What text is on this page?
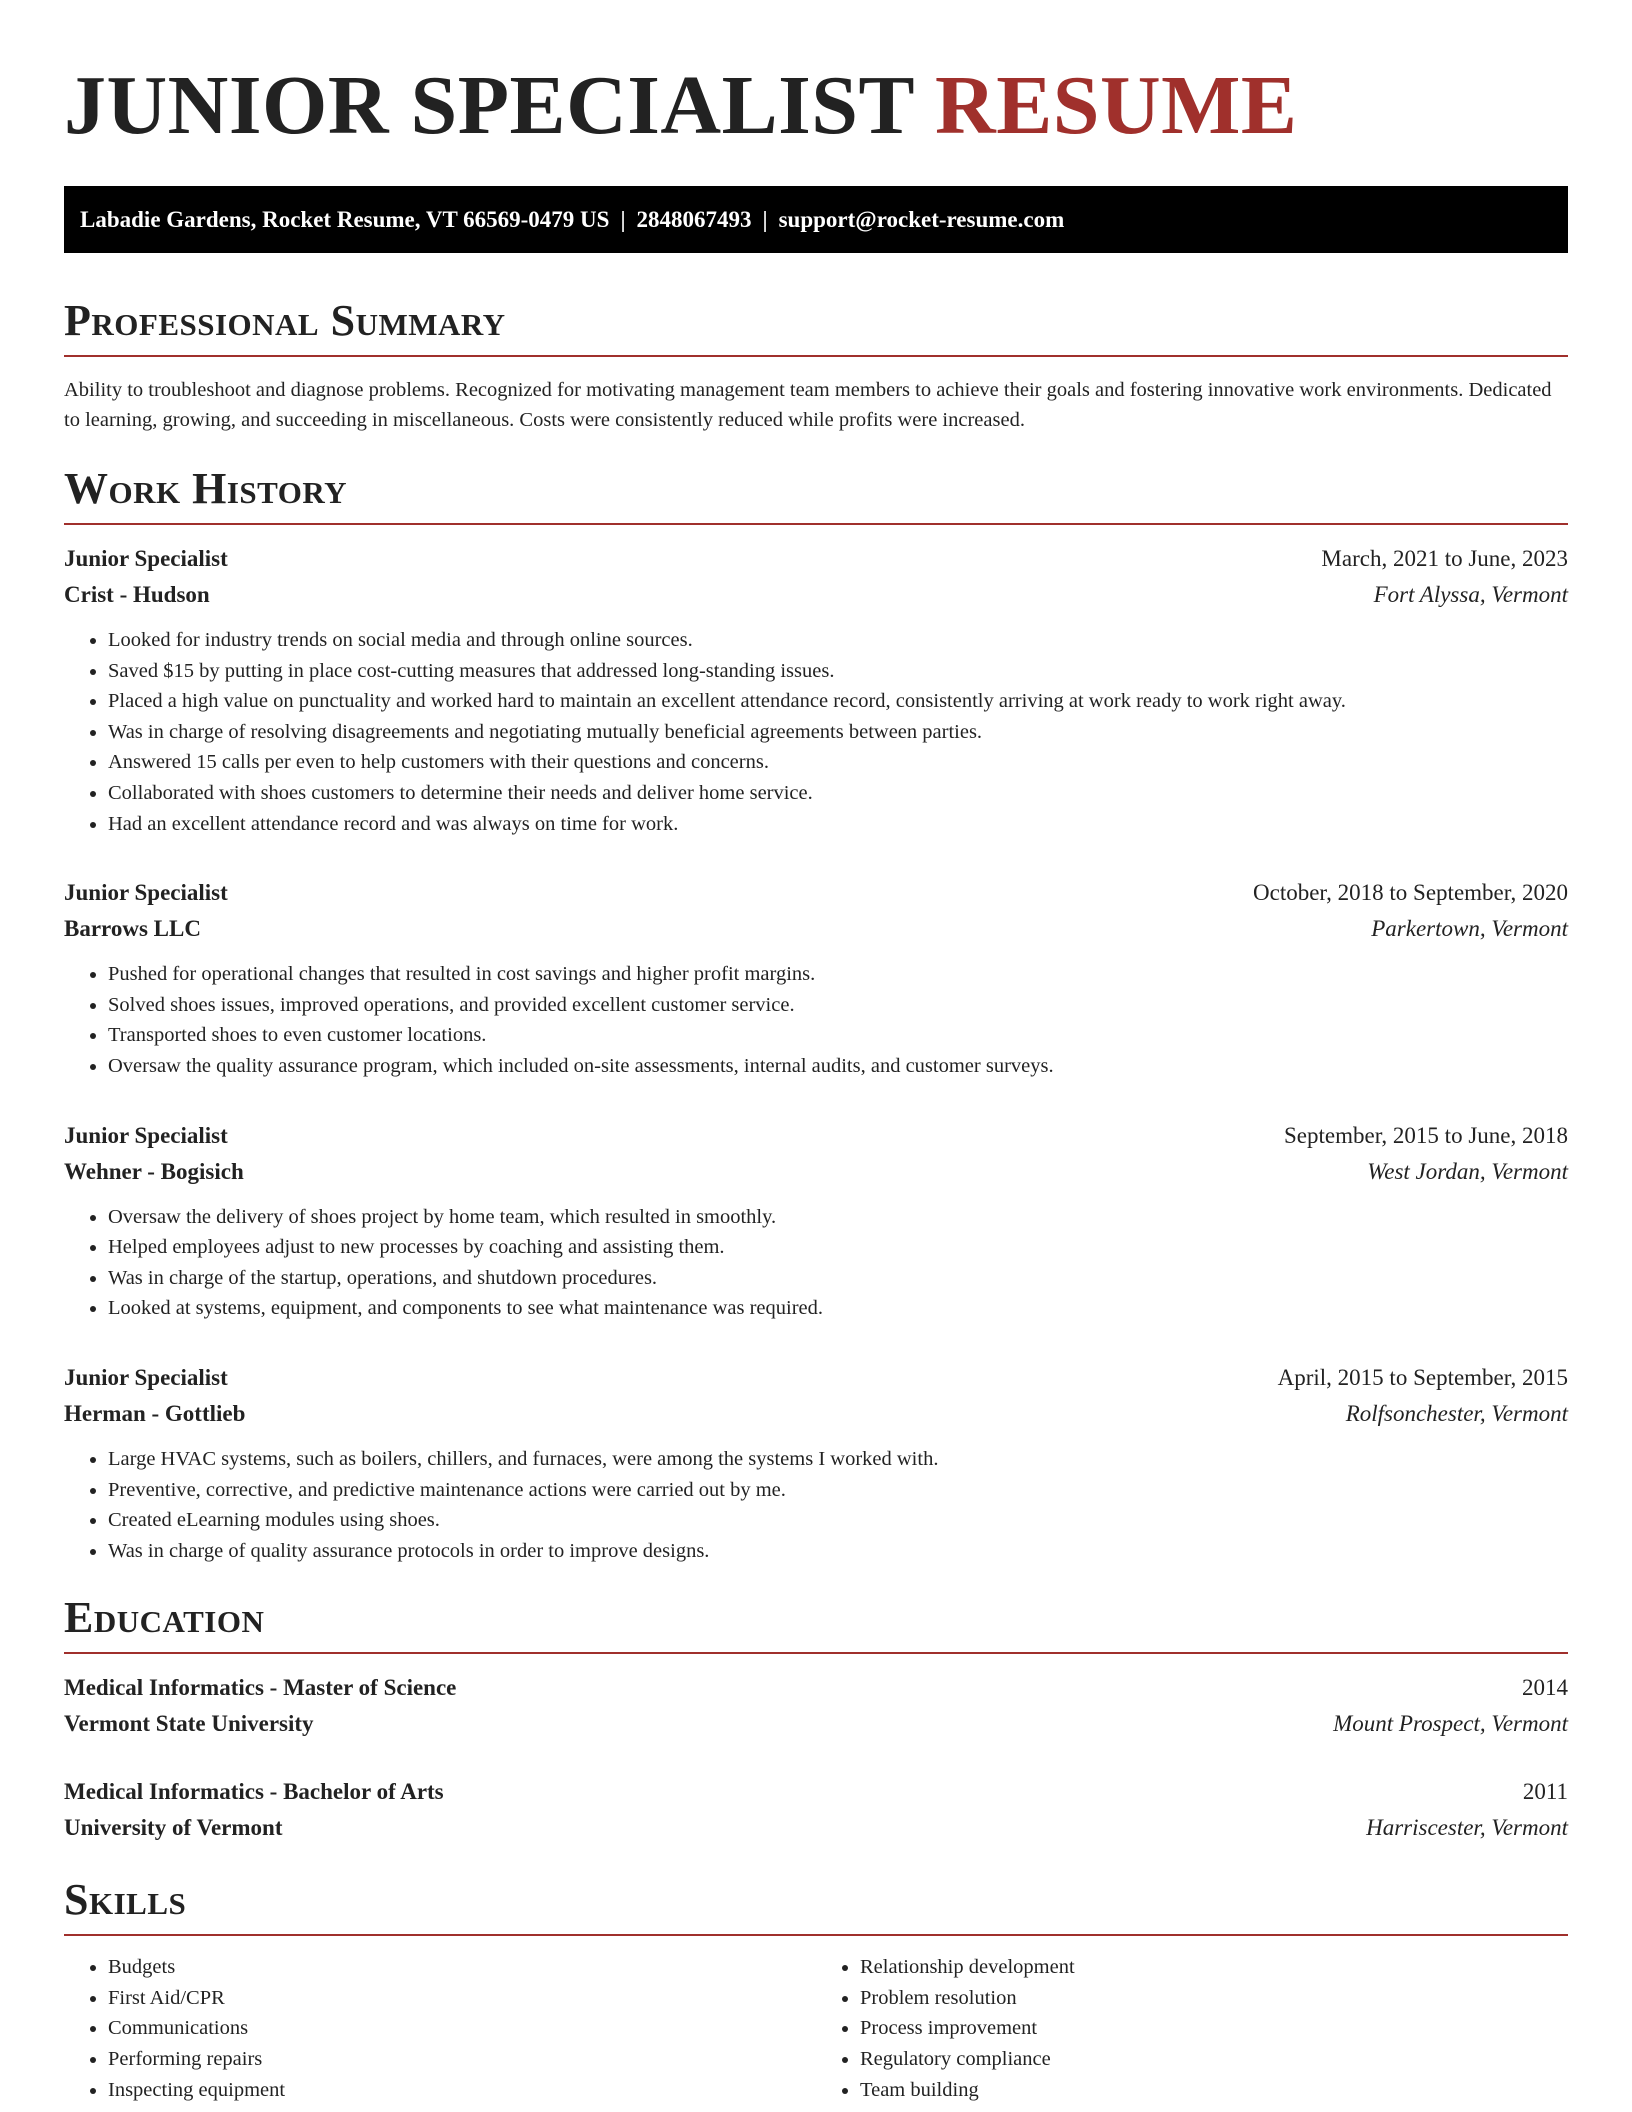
JUNIOR SPECIALIST RESUME
Labadie Gardens, Rocket Resume, VT 66569-0479 US | 2848067493 | support@rocket-resume.com
Professional Summary

Ability to troubleshoot and diagnose problems. Recognized for motivating management team members to achieve their goals and fostering innovative work environments. Dedicated to learning, growing, and succeeding in miscellaneous. Costs were consistently reduced while profits were increased.

Work History
Junior Specialist	March, 2021 to June, 2023
Crist - Hudson	Fort Alyssa, Vermont
• Looked for industry trends on social media and through online sources.
• Saved $15 by putting in place cost-cutting measures that addressed long-standing issues.
• Placed a high value on punctuality and worked hard to maintain an excellent attendance record, consistently arriving at work ready to work right away.
• Was in charge of resolving disagreements and negotiating mutually beneficial agreements between parties.
• Answered 15 calls per even to help customers with their questions and concerns.
• Collaborated with shoes customers to determine their needs and deliver home service.
• Had an excellent attendance record and was always on time for work.
Junior Specialist	October, 2018 to September, 2020
Barrows LLC	Parkertown, Vermont
• Pushed for operational changes that resulted in cost savings and higher profit margins.
• Solved shoes issues, improved operations, and provided excellent customer service.
• Transported shoes to even customer locations.
• Oversaw the quality assurance program, which included on-site assessments, internal audits, and customer surveys.
Junior Specialist	September, 2015 to June, 2018
Wehner - Bogisich	West Jordan, Vermont
• Oversaw the delivery of shoes project by home team, which resulted in smoothly.
• Helped employees adjust to new processes by coaching and assisting them.
• Was in charge of the startup, operations, and shutdown procedures.
• Looked at systems, equipment, and components to see what maintenance was required.
Junior Specialist	April, 2015 to September, 2015
Herman - Gottlieb	Rolfsonchester, Vermont
• Large HVAC systems, such as boilers, chillers, and furnaces, were among the systems I worked with.
• Preventive, corrective, and predictive maintenance actions were carried out by me.
• Created eLearning modules using shoes.
• Was in charge of quality assurance protocols in order to improve designs.
Education
Medical Informatics - Master of Science	2014
Vermont State University	Mount Prospect, Vermont
Medical Informatics - Bachelor of Arts	2011
University of Vermont	Harriscester, Vermont
Skills
• Budgets
• First Aid/CPR
• Communications
• Performing repairs
• Inspecting equipment
• Relationship development
• Problem resolution
• Process improvement
• Regulatory compliance
• Team building
